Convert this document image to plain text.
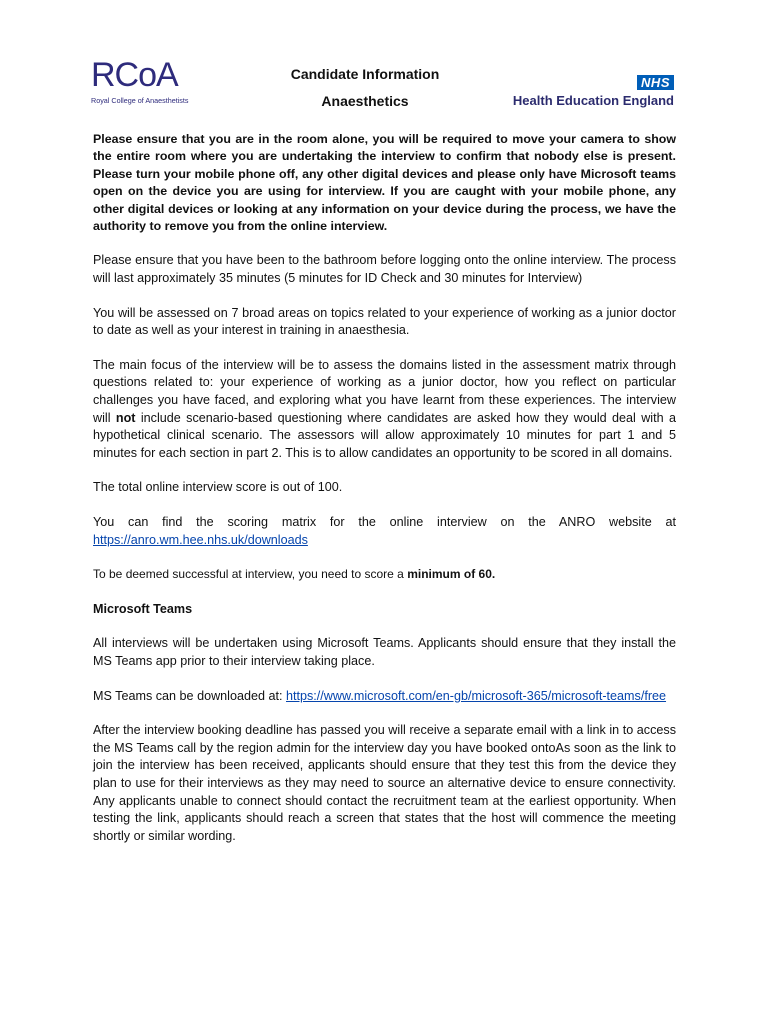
RCoA
Royal College of Anaesthetists
Candidate Information
Anaesthetics
NHS
Health Education England

Please ensure that you are in the room alone, you will be required to move your camera to show the entire room where you are undertaking the interview to confirm that nobody else is present. Please turn your mobile phone off, any other digital devices and please only have Microsoft teams open on the device you are using for interview. If you are caught with your mobile phone, any other digital devices or looking at any information on your device during the process, we have the authority to remove you from the online interview.

Please ensure that you have been to the bathroom before logging onto the online interview. The process will last approximately 35 minutes (5 minutes for ID Check and 30 minutes for Interview)

You will be assessed on 7 broad areas on topics related to your experience of working as a junior doctor to date as well as your interest in training in anaesthesia.

The main focus of the interview will be to assess the domains listed in the assessment matrix through questions related to: your experience of working as a junior doctor, how you reflect on particular challenges you have faced, and exploring what you have learnt from these experiences. The interview will not include scenario-based questioning where candidates are asked how they would deal with a hypothetical clinical scenario. The assessors will allow approximately 10 minutes for part 1 and 5 minutes for each section in part 2. This is to allow candidates an opportunity to be scored in all domains.

The total online interview score is out of 100.

You can find the scoring matrix for the online interview on the ANRO website at https://anro.wm.hee.nhs.uk/downloads

To be deemed successful at interview, you need to score a minimum of 60.

Microsoft Teams

All interviews will be undertaken using Microsoft Teams. Applicants should ensure that they install the MS Teams app prior to their interview taking place.

MS Teams can be downloaded at: https://www.microsoft.com/en-gb/microsoft-365/microsoft-teams/free

After the interview booking deadline has passed you will receive a separate email with a link in to access the MS Teams call by the region admin for the interview day you have booked ontoAs soon as the link to join the interview has been received, applicants should ensure that they test this from the device they plan to use for their interviews as they may need to source an alternative device to ensure connectivity. Any applicants unable to connect should contact the recruitment team at the earliest opportunity. When testing the link, applicants should reach a screen that states that the host will commence the meeting shortly or similar wording.
